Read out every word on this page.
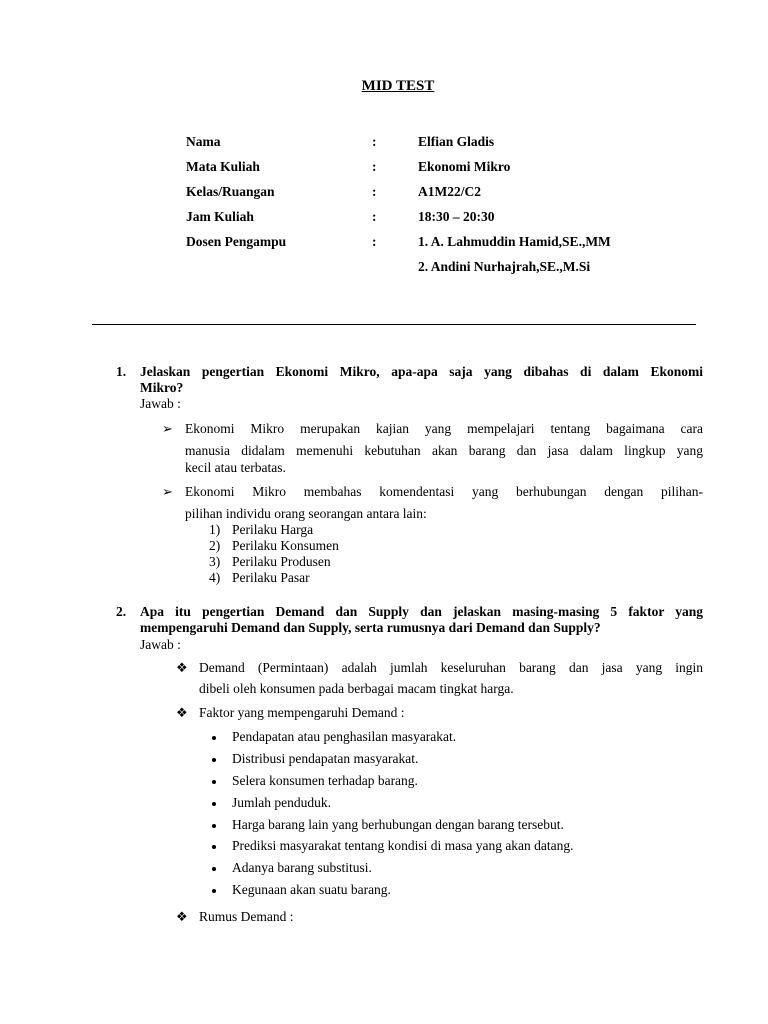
MID TEST
Nama	:	Elfian Gladis
Mata Kuliah	:	Ekonomi Mikro
Kelas/Ruangan	:	A1M22/C2
Jam Kuliah	:	18:30 – 20:30
Dosen Pengampu	:	1. A. Lahmuddin Hamid,SE.,MM
2. Andini Nurhajrah,SE.,M.Si
1. Jelaskan pengertian Ekonomi Mikro, apa-apa saja yang dibahas di dalam Ekonomi
Mikro?
Jawab :
➢ Ekonomi Mikro merupakan kajian yang mempelajari tentang bagaimana cara
manusia didalam memenuhi kebutuhan akan barang dan jasa dalam lingkup yang
kecil atau terbatas.
➢ Ekonomi Mikro membahas komendentasi yang berhubungan dengan pilihan-
pilihan individu orang seorangan antara lain:
1) Perilaku Harga
2) Perilaku Konsumen
3) Perilaku Produsen
4) Perilaku Pasar
2. Apa itu pengertian Demand dan Supply dan jelaskan masing-masing 5 faktor yang
mempengaruhi Demand dan Supply, serta rumusnya dari Demand dan Supply?
Jawab :
❖ Demand (Permintaan) adalah jumlah keseluruhan barang dan jasa yang ingin
dibeli oleh konsumen pada berbagai macam tingkat harga.
❖ Faktor yang mempengaruhi Demand :
Pendapatan atau penghasilan masyarakat.
Distribusi pendapatan masyarakat.
Selera konsumen terhadap barang.
Jumlah penduduk.
Harga barang lain yang berhubungan dengan barang tersebut.
Prediksi masyarakat tentang kondisi di masa yang akan datang.
Adanya barang substitusi.
Kegunaan akan suatu barang.
❖ Rumus Demand :
